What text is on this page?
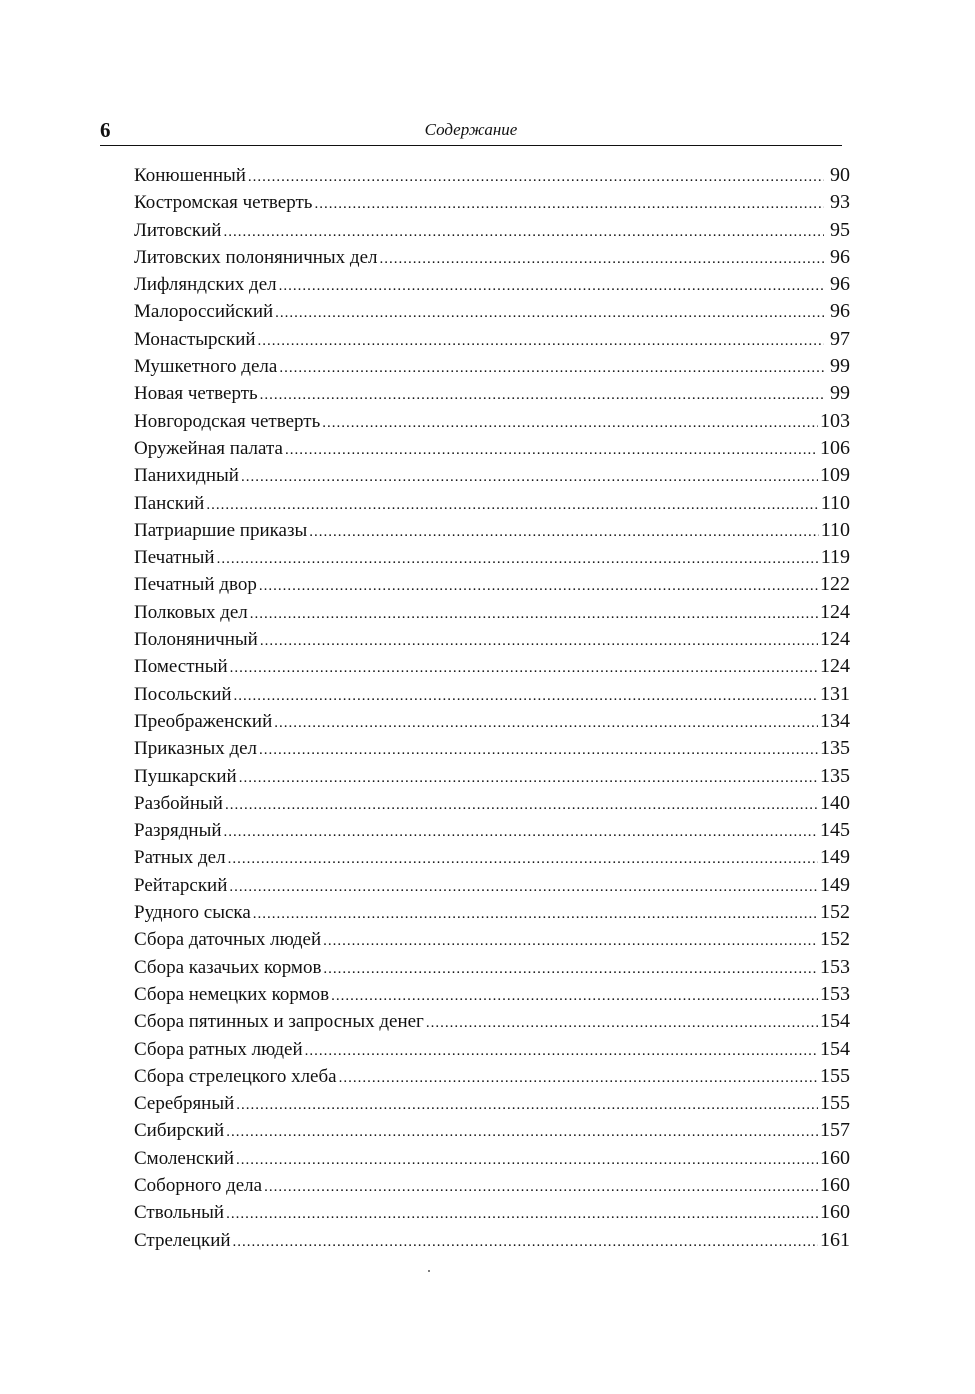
6	Содержание
Конюшенный .....	90
Костромская четверть .....	93
Литовский .....	95
Литовских полоняничных дел .....	96
Лифляндских дел .....	96
Малороссийский .....	96
Монастырский .....	97
Мушкетного дела .....	99
Новая четверть .....	99
Новгородская четверть .....	103
Оружейная палата .....	106
Панихидный .....	109
Панский .....	110
Патриаршие приказы .....	110
Печатный .....	119
Печатный двор .....	122
Полковых дел .....	124
Полоняничный .....	124
Поместный .....	124
Посольский .....	131
Преображенский .....	134
Приказных дел .....	135
Пушкарский .....	135
Разбойный .....	140
Разрядный .....	145
Ратных дел .....	149
Рейтарский .....	149
Рудного сыска .....	152
Сбора даточных людей .....	152
Сбора казачьих кормов .....	153
Сбора немецких кормов .....	153
Сбора пятинных и запросных денег .....	154
Сбора ратных людей .....	154
Сбора стрелецкого хлеба .....	155
Серебряный .....	155
Сибирский .....	157
Смоленский .....	160
Соборного дела .....	160
Ствольный .....	160
Стрелецкий .....	161
